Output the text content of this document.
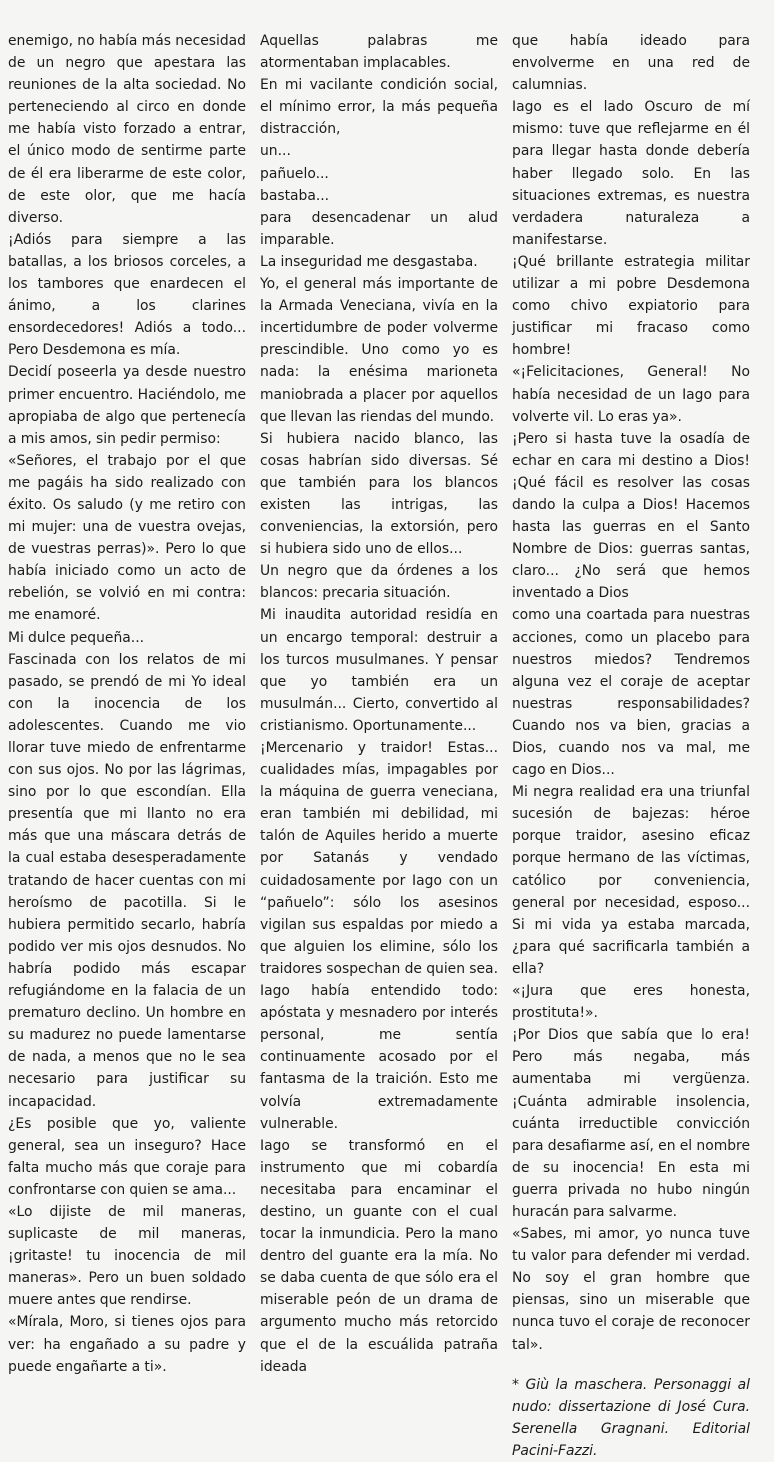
enemigo, no había más necesidad de un negro que apestara las reuniones de la alta sociedad. No perteneciendo al circo en donde me había visto forzado a entrar, el único modo de sentirme parte de él era liberarme de este color, de este olor, que me hacía diverso.

¡Adiós para siempre a las batallas, a los briosos corceles, a los tambores que enardecen el ánimo, a los clarines ensordecedores! Adiós a todo... Pero Desdemona es mía.

Decidí poseerla ya desde nuestro primer encuentro. Haciéndolo, me apropiaba de algo que pertenecía a mis amos, sin pedir permiso:

«Señores, el trabajo por el que me pagáis ha sido realizado con éxito. Os saludo (y me retiro con mi mujer: una de vuestra ovejas, de vuestras perras)». Pero lo que había iniciado como un acto de rebelión, se volvió en mi contra: me enamoré.

Mi dulce pequeña...

Fascinada con los relatos de mi pasado, se prendó de mi Yo ideal con la inocencia de los adolescentes. Cuando me vio llorar tuve miedo de enfrentarme con sus ojos. No por las lágrimas, sino por lo que escondían. Ella presentía que mi llanto no era más que una máscara detrás de la cual estaba desesperadamente tratando de hacer cuentas con mi heroísmo de pacotilla. Si le hubiera permitido secarlo, habría podido ver mis ojos desnudos. No habría podido más escapar refugiándome en la falacia de un prematuro declino. Un hombre en su madurez no puede lamentarse de nada, a menos que no le sea necesario para justificar su incapacidad.

¿Es posible que yo, valiente general, sea un inseguro? Hace falta mucho más que coraje para confrontarse con quien se ama...

«Lo dijiste de mil maneras, suplicaste de mil maneras, ¡gritaste! tu inocencia de mil maneras». Pero un buen soldado muere antes que rendirse.

«Mírala, Moro, si tienes ojos para ver: ha engañado a su padre y puede engañarte a ti».

Aquellas palabras me atormentaban implacables.

En mi vacilante condición social, el mínimo error, la más pequeña distracción,

un...

pañuelo...

bastaba...

para desencadenar un alud imparable.

La inseguridad me desgastaba.

Yo, el general más importante de la Armada Veneciana, vivía en la incertidumbre de poder volverme prescindible. Uno como yo es nada: la enésima marioneta maniobrada a placer por aquellos que llevan las riendas del mundo.

Si hubiera nacido blanco, las cosas habrían sido diversas. Sé que también para los blancos existen las intrigas, las conveniencias, la extorsión, pero si hubiera sido uno de ellos...

Un negro que da órdenes a los blancos: precaria situación.

Mi inaudita autoridad residía en un encargo temporal: destruir a los turcos musulmanes. Y pensar que yo también era un musulmán... Cierto, convertido al cristianismo. Oportunamente...

¡Mercenario y traidor! Estas... cualidades mías, impagables por la máquina de guerra veneciana, eran también mi debilidad, mi talón de Aquiles herido a muerte por Satanás y vendado cuidadosamente por Iago con un “pañuelo”: sólo los asesinos vigilan sus espaldas por miedo a que alguien los elimine, sólo los traidores sospechan de quien sea. Iago había entendido todo: apóstata y mesnadero por interés personal, me sentía continuamente acosado por el fantasma de la traición. Esto me volvía extremadamente vulnerable.

Iago se transformó en el instrumento que mi cobardía necesitaba para encaminar el destino, un guante con el cual tocar la inmundicia. Pero la mano dentro del guante era la mía. No se daba cuenta de que sólo era el miserable peón de un drama de argumento mucho más retorcido que el de la escuálida patraña ideada

que había ideado para envolverme en una red de calumnias.

Iago es el lado Oscuro de mí mismo: tuve que reflejarme en él para llegar hasta donde debería haber llegado solo. En las situaciones extremas, es nuestra verdadera naturaleza a manifestarse.

¡Qué brillante estrategia militar utilizar a mi pobre Desdemona como chivo expiatorio para justificar mi fracaso como hombre!

«¡Felicitaciones, General! No había necesidad de un Iago para volverte vil. Lo eras ya».

¡Pero si hasta tuve la osadía de echar en cara mi destino a Dios! ¡Qué fácil es resolver las cosas dando la culpa a Dios! Hacemos hasta las guerras en el Santo Nombre de Dios: guerras santas, claro... ¿No será que hemos inventado a Dios

como una coartada para nuestras acciones, como un placebo para nuestros miedos? Tendremos alguna vez el coraje de aceptar nuestras responsabilidades? Cuando nos va bien, gracias a Dios, cuando nos va mal, me cago en Dios...

Mi negra realidad era una triunfal sucesión de bajezas: héroe porque traidor, asesino eficaz porque hermano de las víctimas, católico por conveniencia, general por necesidad, esposo... Si mi vida ya estaba marcada, ¿para qué sacrificarla también a ella?

«¡Jura que eres honesta, prostituta!».

¡Por Dios que sabía que lo era! Pero más negaba, más aumentaba mi vergüenza. ¡Cuánta admirable insolencia, cuánta irreductible convicción para desafiarme así, en el nombre de su inocencia! En esta mi guerra privada no hubo ningún huracán para salvarme.

«Sabes, mi amor, yo nunca tuve tu valor para defender mi verdad. No soy el gran hombre que piensas, sino un miserable que nunca tuvo el coraje de reconocer tal».

* Giù la maschera. Personaggi al nudo: dissertazione di José Cura. Serenella Gragnani. Editorial Pacini-Fazzi.
